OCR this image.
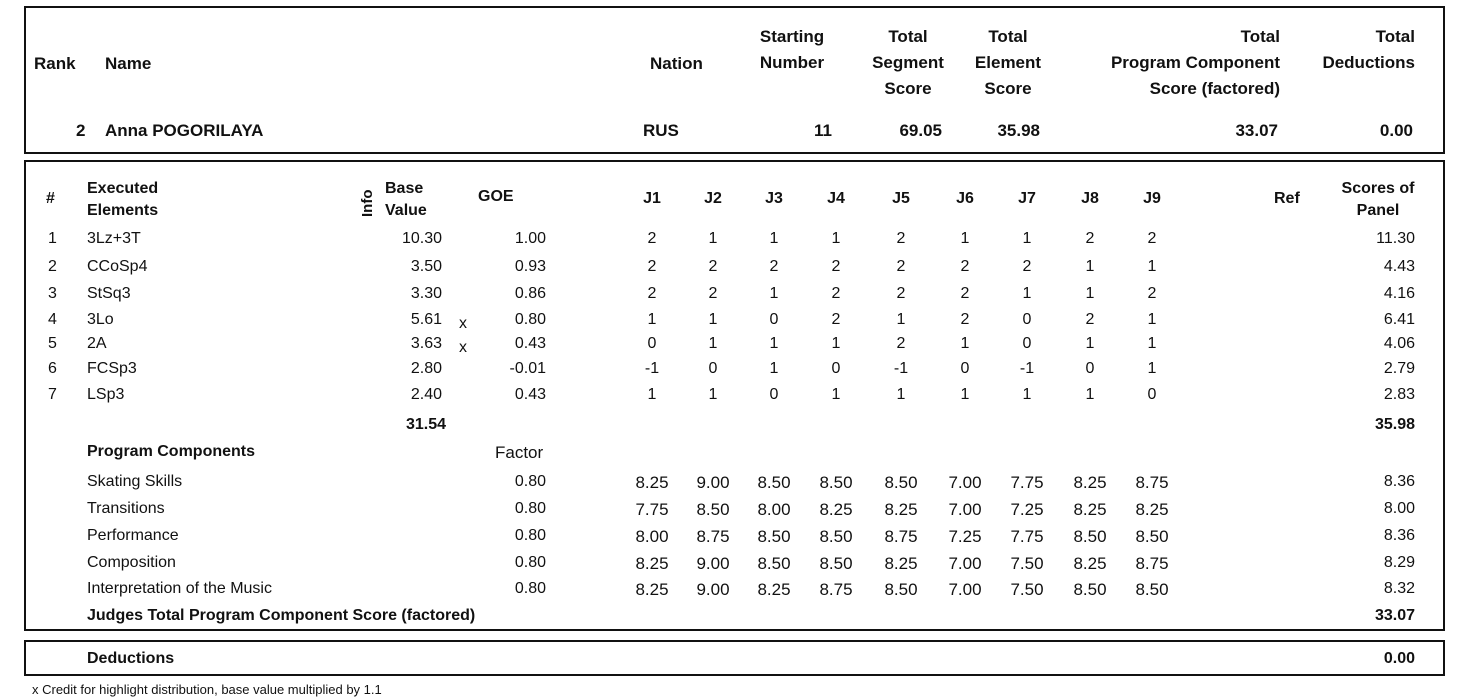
Rank Name	Nation
Starting
Number
Total
Segment
Score
Total
Element
Score
Total
Program Component
Score (factored)
Total
Deductions
2 Anna POGORILAYA	RUS	11	69.05	35.98	33.07	0.00
#
Executed
Elements	Info
Base
Value
GOE	J1	J2	J3	J4	J5	J6	J7	J8	J9	Ref
Scores of
Panel
1 3Lz+3T	10.30	1.00	2	1	1	1	2	1	1	2	2	11.30
2 CCoSp4	3.50	0.93	2	2	2	2	2	2	2	1	1	4.43
3 StSq3	3.30	0.86	2	2	1	2	2	2	1	1	2	4.16
4 3Lo	5.61 x	0.80	1	1	0	2	1	2	0	2	1	6.41
5 2A	3.63 x	0.43	0	1	1	1	2	1	0	1	1	4.06
6 FCSp3	2.80	-0.01	-1	0	1	0	-1	0	-1	0	1	2.79
7 LSp3	2.40	0.43	1	1	0	1	1	1	1	1	0	2.83
31.54	35.98
Program Components	Factor
Skating Skills	0.80	8.25	9.00	8.50	8.50	8.50	7.00	7.75	8.25	8.75	8.36
Transitions	0.80	7.75	8.50	8.00	8.25	8.25	7.00	7.25	8.25	8.25	8.00
Performance	0.80	8.00	8.75	8.50	8.50	8.75	7.25	7.75	8.50	8.50	8.36
Composition	0.80	8.25	9.00	8.50	8.50	8.25	7.00	7.50	8.25	8.75	8.29
Interpretation of the Music	0.80	8.25	9.00	8.25	8.75	8.50	7.00	7.50	8.50	8.50	8.32
Judges Total Program Component Score (factored)	33.07
Deductions	0.00
x Credit for highlight distribution, base value multiplied by 1.1
